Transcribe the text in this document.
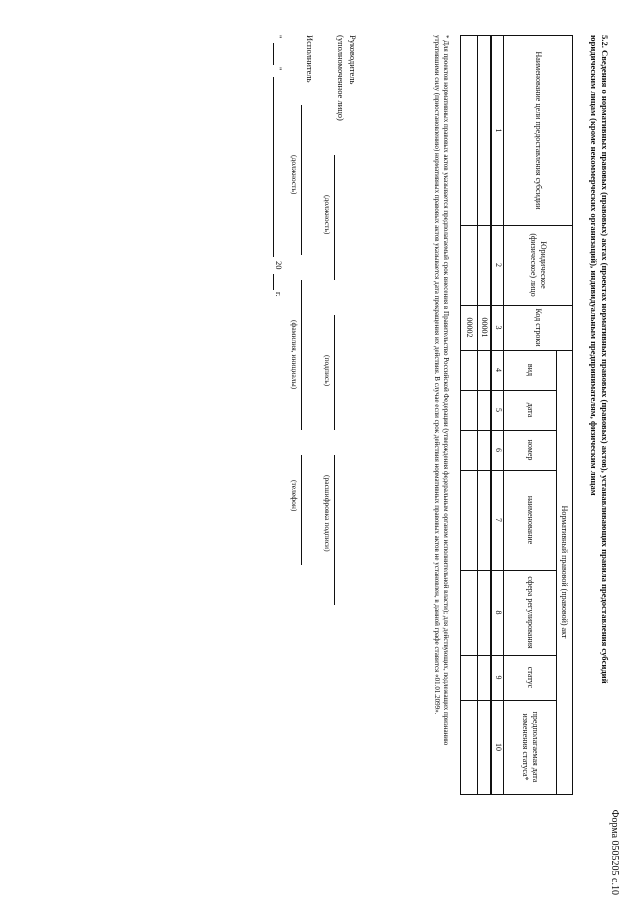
Форма 0505205 с.10
5.2. Сведения о нормативных правовых (правовых) актах (проектах нормативных правовых (правовых) актов), устанавливающих правила предоставления субсидий юридическим лицам (кроме некоммерческих организаций), индивидуальным предпринимателям, физическим лицам
Наименование цели предоставления субсидии
Юридическое (физическое) лицо
Код строки
Нормативный правовой (правовой) акт
вид
дата
номер
наименование
сфера регулирования
статус
предполагаемая дата изменения статуса*
1
2
3
4
5
6
7
8
9
10
00001
00002
* Для проектов нормативных правовых актов указывается предполагаемый срок внесения в Правительство Российской Федерации (утверждения федеральным органом исполнительной власти); для действующих, подлежащих признанию утратившими силу (приостановлению) нормативных правовых актов указывается дата прекращения их действия. В случае если срок действия нормативных правовых актов не установлен, в данной графе ставится «01.01.2099».
Руководитель
(уполномоченное лицо)
(должность)
(подпись)
(расшифровка подписи)
Исполнитель
(должность)
(фамилия, инициалы)
(телефон)
"
"
20
г.
